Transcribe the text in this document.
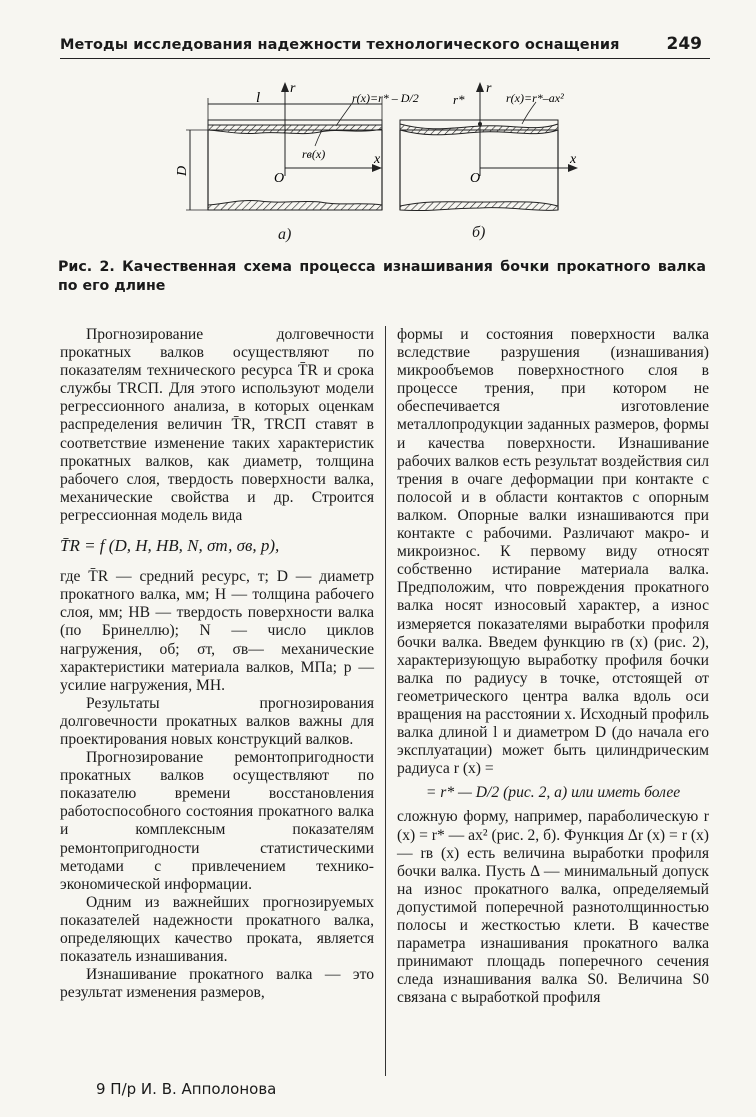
Методы исследования надежности технологического оснащения	249
l
D
r
x
O
r(x)=r* – D/2
rв(x)
r*
r
x
O
r(x)=r*–ax²
а)	б)
Рис. 2. Качественная схема процесса изнашивания бочки прокатного валка по его длине

Прогнозирование долговечности прокатных валков осуществляют по показателям технического ресурса T̄R и срока службы TRСП. Для этого используют модели регрессионного анализа, в которых оценкам распределения величин T̄R, TRСП ставят в соответствие изменение таких характеристик прокатных валков, как диаметр, толщина рабочего слоя, твердость поверхности валка, механические свойства и др. Строится регрессионная модель вида

T̄R = f (D, H, HB, N, σт, σв, p),

где T̄R — средний ресурс, т; D — диаметр прокатного валка, мм; H — толщина рабочего слоя, мм; HB — твердость поверхности валка (по Бринеллю); N — число циклов нагружения, об; σт, σв— механические характеристики материала валков, МПа; p — усилие нагружения, МН.

Результаты прогнозирования долговечности прокатных валков важны для проектирования новых конструкций валков.

Прогнозирование ремонтопригодности прокатных валков осуществляют по показателю времени восстановления работоспособного состояния прокатного валка и комплексным показателям ремонтопригодности статистическими методами с привлечением технико-экономической информации.

Одним из важнейших прогнозируемых показателей надежности прокатного валка, определяющих качество проката, является показатель изнашивания.

Изнашивание прокатного валка — это результат изменения размеров,

формы и состояния поверхности валка вследствие разрушения (изнашивания) микрообъемов поверхностного слоя в процессе трения, при котором не обеспечивается изготовление металлопродукции заданных размеров, формы и качества поверхности. Изнашивание рабочих валков есть результат воздействия сил трения в очаге деформации при контакте с полосой и в области контактов с опорным валком. Опорные валки изнашиваются при контакте с рабочими. Различают макро- и микроизнос. К первому виду относят собственно истирание материала валка. Предположим, что повреждения прокатного валка носят износовый характер, а износ измеряется показателями выработки профиля бочки валка. Введем функцию rв (x) (рис. 2), характеризующую выработку профиля бочки валка по радиусу в точке, отстоящей от геометрического центра валка вдоль оси вращения на расстоянии x. Исходный профиль валка длиной l и диаметром D (до начала его эксплуатации) может быть цилиндрическим радиуса r (x) =

= r* — D/2 (рис. 2, а) или иметь более

сложную форму, например, параболическую r (x) = r* — ax² (рис. 2, б). Функция Δr (x) = r (x) — rв (x) есть величина выработки профиля бочки валка. Пусть Δ — минимальный допуск на износ прокатного валка, определяемый допустимой поперечной разнотолщинностью полосы и жесткостью клети. В качестве параметра изнашивания прокатного валка принимают площадь поперечного сечения следа изнашивания валка S0. Величина S0 связана с выработкой профиля

9 П/р И. В. Апполонова
